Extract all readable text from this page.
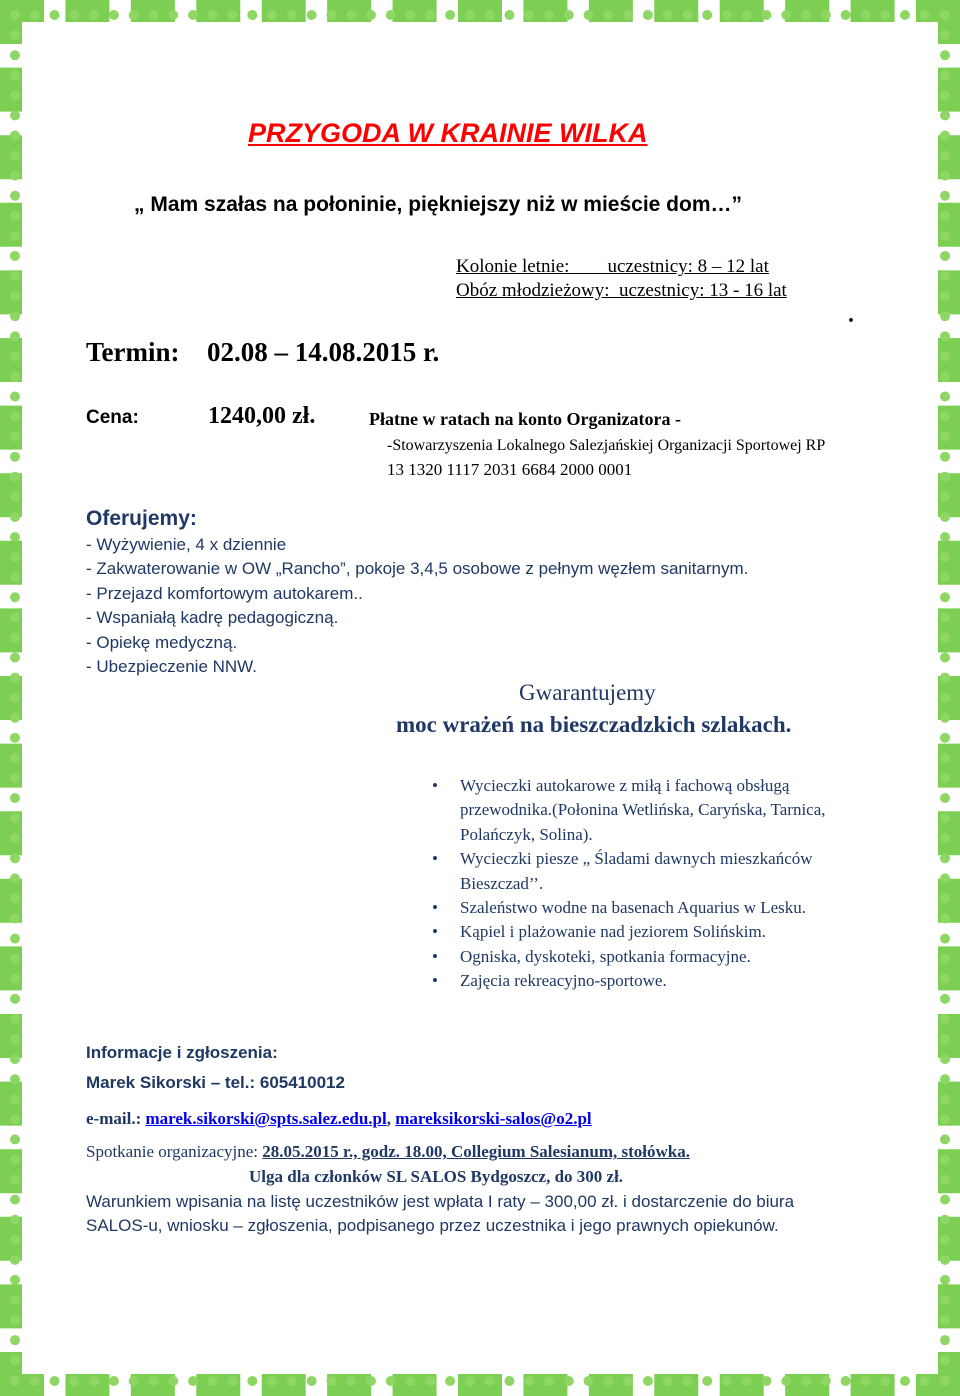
PRZYGODA W KRAINIE WILKA
„ Mam szałas na połoninie, piękniejszy niż w mieście dom…”
Kolonie letnie:        uczestnicy: 8 – 12 lat
Obóz młodzieżowy:  uczestnicy: 13 - 16 lat
.
Termin: 02.08 – 14.08.2015 r.
Cena:	1240,00 zł.	Płatne w ratach na konto Organizatora -
-Stowarzyszenia Lokalnego Salezjańskiej Organizacji Sportowej RP
13 1320 1117 2031 6684 2000 0001
Oferujemy:
- Wyżywienie, 4 x dziennie
- Zakwaterowanie w OW „Rancho”, pokoje 3,4,5 osobowe z pełnym węzłem sanitarnym.
- Przejazd komfortowym autokarem..
- Wspaniałą kadrę pedagogiczną.
- Opiekę medyczną.
- Ubezpieczenie NNW.
Gwarantujemy
moc wrażeń na bieszczadzkich szlakach.
• Wycieczki autokarowe z miłą i fachową obsługą przewodnika.(Połonina Wetlińska, Caryńska, Tarnica, Polańczyk, Solina).
• Wycieczki piesze „ Śladami dawnych mieszkańców Bieszczad’’.
• Szaleństwo wodne na basenach Aquarius w Lesku.
• Kąpiel i plażowanie nad jeziorem Solińskim.
• Ogniska, dyskoteki, spotkania formacyjne.
• Zajęcia rekreacyjno-sportowe.
Informacje i zgłoszenia:
Marek Sikorski – tel.: 605410012
e-mail.: marek.sikorski@spts.salez.edu.pl, mareksikorski-salos@o2.pl
Spotkanie organizacyjne: 28.05.2015 r., godz. 18.00, Collegium Salesianum, stołówka.
Ulga dla członków SL SALOS Bydgoszcz, do 300 zł.
Warunkiem wpisania na listę uczestników jest wpłata I raty – 300,00 zł. i dostarczenie do biura SALOS-u, wniosku – zgłoszenia, podpisanego przez uczestnika i jego prawnych opiekunów.
